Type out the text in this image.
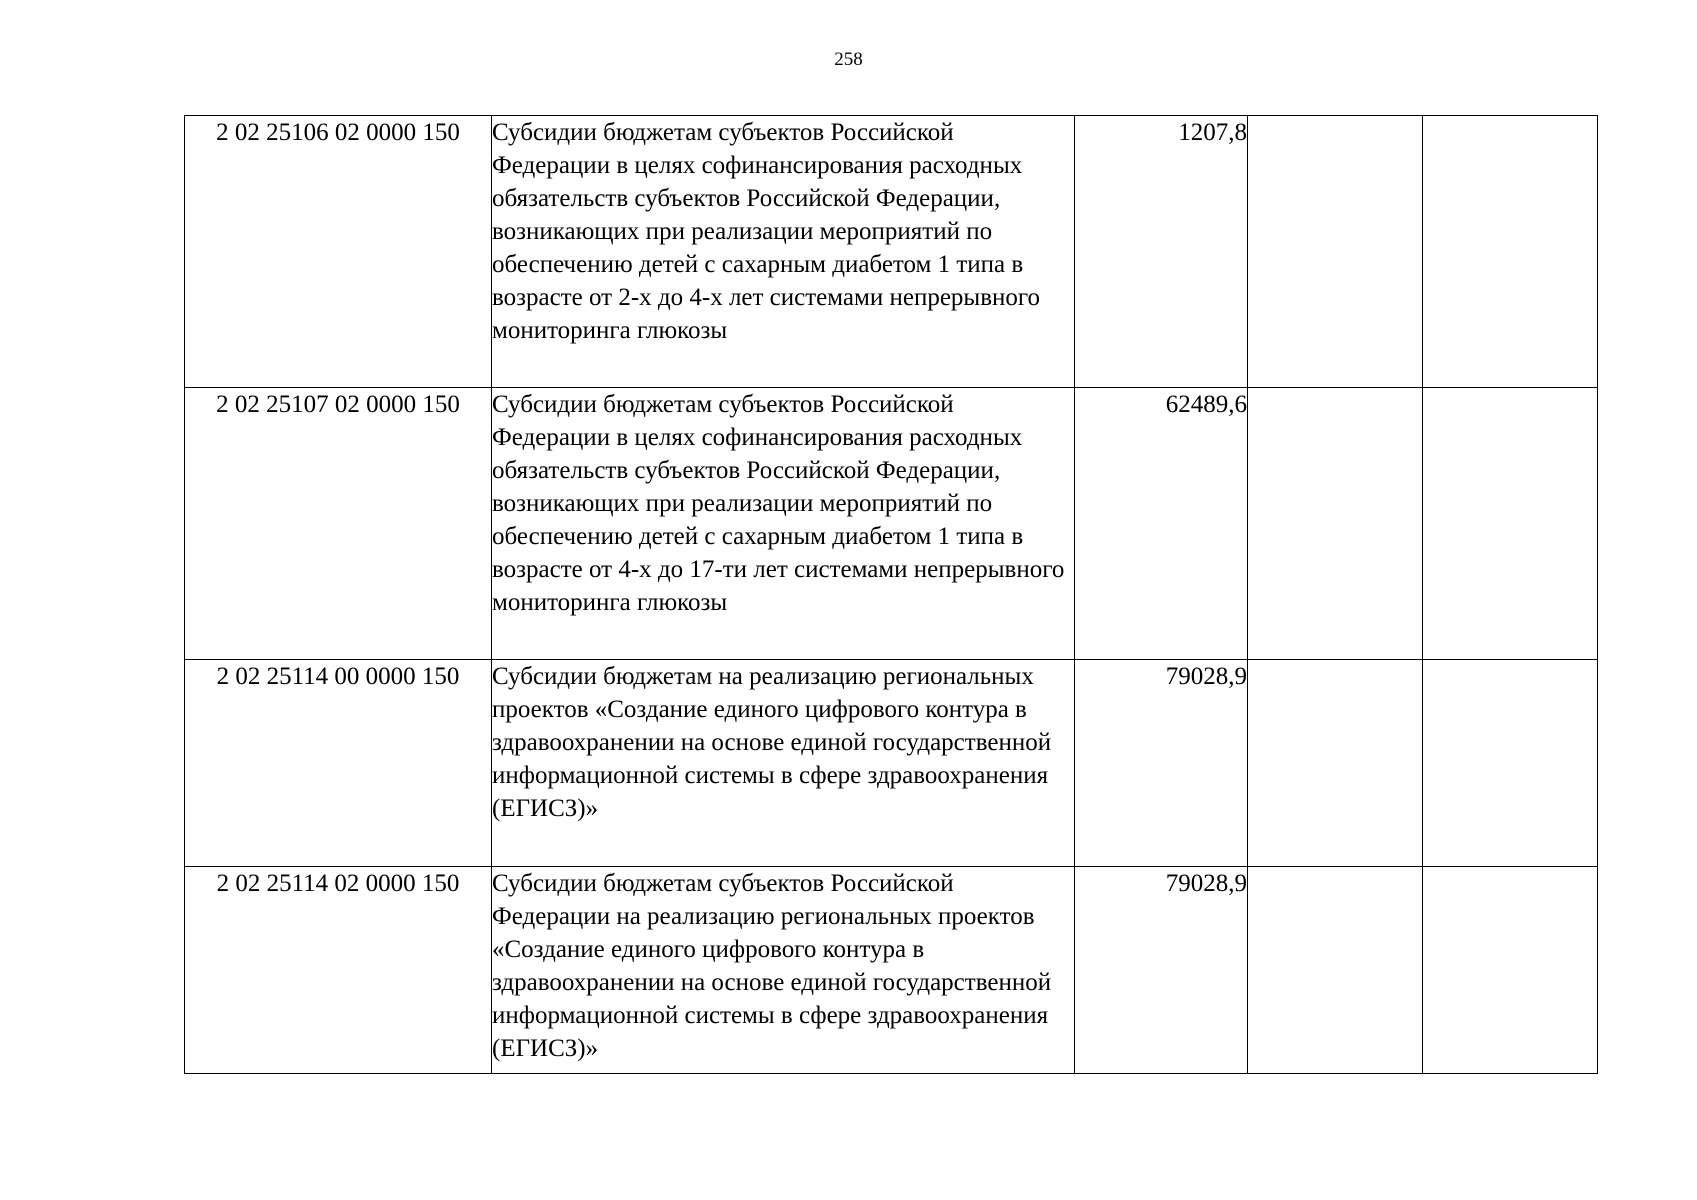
258
2 02 25106 02 0000 150	Субсидии бюджетам субъектов Российской Федерации в целях софинансирования расходных обязательств субъектов Российской Федерации, возникающих при реализации мероприятий по обеспечению детей с сахарным диабетом 1 типа в возрасте от 2-х до 4-х лет системами непрерывного мониторинга глюкозы	1207,8		
2 02 25107 02 0000 150	Субсидии бюджетам субъектов Российской Федерации в целях софинансирования расходных обязательств субъектов Российской Федерации, возникающих при реализации мероприятий по обеспечению детей с сахарным диабетом 1 типа в возрасте от 4-х до 17-ти лет системами непрерывного мониторинга глюкозы	62489,6		
2 02 25114 00 0000 150	Субсидии бюджетам на реализацию региональных проектов «Создание единого цифрового контура в здравоохранении на основе единой государственной информационной системы в сфере здравоохранения (ЕГИСЗ)»	79028,9		
2 02 25114 02 0000 150	Субсидии бюджетам субъектов Российской Федерации на реализацию региональных проектов «Создание единого цифрового контура в здравоохранении на основе единой государственной информационной системы в сфере здравоохранения (ЕГИСЗ)»	79028,9		
